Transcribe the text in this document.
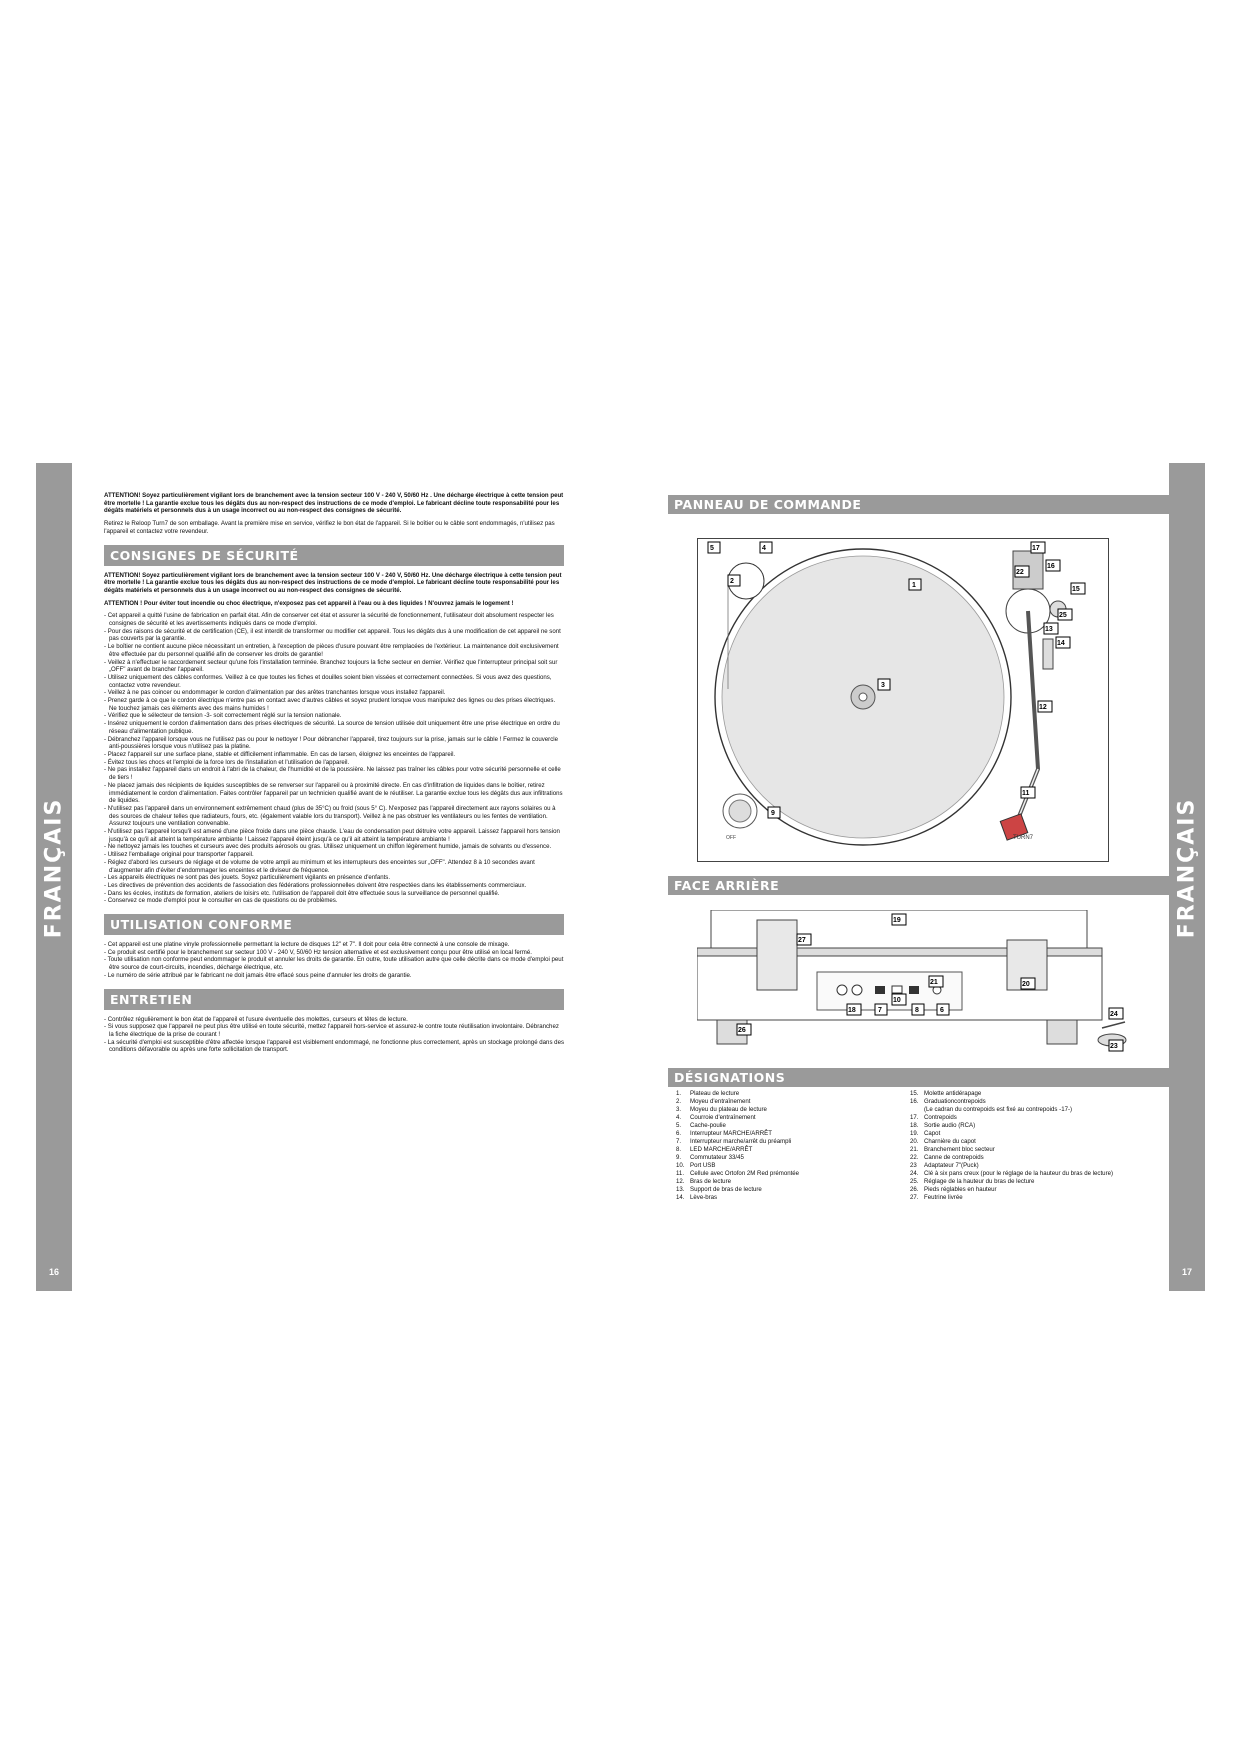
FRANÇAIS
16
FRANÇAIS
17

ATTENTION! Soyez particulièrement vigilant lors de branchement avec la tension secteur 100 V - 240 V, 50/60 Hz . Une décharge électrique à cette tension peut être mortelle ! La garantie exclue tous les dégâts dus au non-respect des instructions de ce mode d'emploi. Le fabricant décline toute responsabilité pour les dégâts matériels et personnels dus à un usage incorrect ou au non-respect des consignes de sécurité.

Retirez le Reloop Turn7 de son emballage. Avant la première mise en service, vérifiez le bon état de l'appareil. Si le boîtier ou le câble sont endommagés, n'utilisez pas l'appareil et contactez votre revendeur.

CONSIGNES DE SÉCURITÉ

ATTENTION! Soyez particulièrement vigilant lors de branchement avec la tension secteur 100 V - 240 V, 50/60 Hz. Une décharge électrique à cette tension peut être mortelle ! La garantie exclue tous les dégâts dus au non-respect des instructions de ce mode d'emploi. Le fabricant décline toute responsabilité pour les dégâts matériels et personnels dus à un usage incorrect ou au non-respect des consignes de sécurité.

ATTENTION ! Pour éviter tout incendie ou choc électrique, n'exposez pas cet appareil à l'eau ou à des liquides ! N'ouvrez jamais le logement !

- Cet appareil a quitté l'usine de fabrication en parfait état. Afin de conserver cet état et assurer la sécurité de fonctionnement, l'utilisateur doit absolument respecter les consignes de sécurité et les avertissements indiqués dans ce mode d'emploi.
- Pour des raisons de sécurité et de certification (CE), il est interdit de transformer ou modifier cet appareil. Tous les dégâts dus à une modification de cet appareil ne sont pas couverts par la garantie.
- Le boîtier ne contient aucune pièce nécessitant un entretien, à l'exception de pièces d'usure pouvant être remplacées de l'extérieur. La maintenance doit exclusivement être effectuée par du personnel qualifié afin de conserver les droits de garantie!
- Veillez à n'effectuer le raccordement secteur qu'une fois l'installation terminée. Branchez toujours la fiche secteur en dernier. Vérifiez que l'interrupteur principal soit sur „OFF" avant de brancher l'appareil.
- Utilisez uniquement des câbles conformes. Veillez à ce que toutes les fiches et douilles soient bien vissées et correctement connectées. Si vous avez des questions, contactez votre revendeur.
- Veillez à ne pas coincer ou endommager le cordon d'alimentation par des arêtes tranchantes lorsque vous installez l'appareil.
- Prenez garde à ce que le cordon électrique n'entre pas en contact avec d'autres câbles et soyez prudent lorsque vous manipulez des lignes ou des prises électriques. Ne touchez jamais ces éléments avec des mains humides !
- Vérifiez que le sélecteur de tension -3- soit correctement réglé sur la tension nationale.
- Insérez uniquement le cordon d'alimentation dans des prises électriques de sécurité. La source de tension utilisée doit uniquement être une prise électrique en ordre du réseau d'alimentation publique.
- Débranchez l'appareil lorsque vous ne l'utilisez pas ou pour le nettoyer ! Pour débrancher l'appareil, tirez toujours sur la prise, jamais sur le câble ! Fermez le couvercle anti-poussières lorsque vous n'utilisez pas la platine.
- Placez l'appareil sur une surface plane, stable et difficilement inflammable. En cas de larsen, éloignez les enceintes de l'appareil.
- Évitez tous les chocs et l'emploi de la force lors de l'installation et l'utilisation de l'appareil.
- Ne pas installez l'appareil dans un endroit à l'abri de la chaleur, de l'humidité et de la poussière. Ne laissez pas traîner les câbles pour votre sécurité personnelle et celle de tiers !
- Ne placez jamais des récipients de liquides susceptibles de se renverser sur l'appareil ou à proximité directe. En cas d'infiltration de liquides dans le boîtier, retirez immédiatement le cordon d'alimentation. Faites contrôler l'appareil par un technicien qualifié avant de le réutiliser. La garantie exclue tous les dégâts dus aux infiltrations de liquides.
- N'utilisez pas l'appareil dans un environnement extrêmement chaud (plus de 35°C) ou froid (sous 5° C). N'exposez pas l'appareil directement aux rayons solaires ou à des sources de chaleur telles que radiateurs, fours, etc. (également valable lors du transport). Veillez à ne pas obstruer les ventilateurs ou les fentes de ventilation. Assurez toujours une ventilation convenable.
- N'utilisez pas l'appareil lorsqu'il est amené d'une pièce froide dans une pièce chaude. L'eau de condensation peut détruire votre appareil. Laissez l'appareil hors tension jusqu'à ce qu'il ait atteint la température ambiante ! Laissez l'appareil éteint jusqu'à ce qu'il ait atteint la température ambiante !
- Ne nettoyez jamais les touches et curseurs avec des produits aérosols ou gras. Utilisez uniquement un chiffon légèrement humide, jamais de solvants ou d'essence.
- Utilisez l'emballage original pour transporter l'appareil.
- Réglez d'abord les curseurs de réglage et de volume de votre ampli au minimum et les interrupteurs des enceintes sur „OFF". Attendez 8 à 10 secondes avant d'augmenter afin d'éviter d'endommager les enceintes et le diviseur de fréquence.
- Les appareils électriques ne sont pas des jouets. Soyez particulièrement vigilants en présence d'enfants.
- Les directives de prévention des accidents de l'association des fédérations professionnelles doivent être respectées dans les établissements commerciaux.
- Dans les écoles, instituts de formation, ateliers de loisirs etc. l'utilisation de l'appareil doit être effectuée sous la surveillance de personnel qualifié.
- Conservez ce mode d'emploi pour le consulter en cas de questions ou de problèmes.
UTILISATION CONFORME
- Cet appareil est une platine vinyle professionnelle permettant la lecture de disques 12" et 7". Il doit pour cela être connecté à une console de mixage.
- Ce produit est certifié pour le branchement sur secteur 100 V - 240 V, 50/60 Hz tension alternative et est exclusivement conçu pour être utilisé en local fermé.
- Toute utilisation non conforme peut endommager le produit et annuler les droits de garantie. En outre, toute utilisation autre que celle décrite dans ce mode d'emploi peut être source de court-circuits, incendies, décharge électrique, etc.
- Le numéro de série attribué par le fabricant ne doit jamais être effacé sous peine d'annuler les droits de garantie.
ENTRETIEN
- Contrôlez régulièrement le bon état de l'appareil et l'usure éventuelle des molettes, curseurs et têtes de lecture.
- Si vous supposez que l'appareil ne peut plus être utilisé en toute sécurité, mettez l'appareil hors-service et assurez-le contre toute réutilisation involontaire. Débranchez la fiche électrique de la prise de courant !
- La sécurité d'emploi est susceptible d'être affectée lorsque l'appareil est visiblement endommagé, ne fonctionne plus correctement, après un stockage prolongé dans des conditions défavorable ou après une forte sollicitation de transport.
PANNEAU DE COMMANDE
OFF	TURN7
5	4
2
17
16
22
15
1
25
13
14
3
12
11
9
FACE ARRIÈRE
19
27
21	20
18	7
10
8	6
26
24
23
DÉSIGNATIONS
1. Plateau de lecture
2. Moyeu d'entraînement
3. Moyeu du plateau de lecture
4. Courroie d'entraînement
5. Cache-poulie
6. Interrupteur MARCHE/ARRÊT
7. Interrupteur marche/arrêt du préampli
8. LED MARCHE/ARRÊT
9. Commutateur 33/45
10. Port USB
11. Cellule avec Ortofon 2M Red prémontée
12. Bras de lecture
13. Support de bras de lecture
14. Lève-bras
15. Molette antidérapage
16. Graduationcontrepoids
(Le cadran du contrepoids est fixé au contrepoids -17-)
17. Contrepoids
18. Sortie audio (RCA)
19. Capot
20. Charnière du capot
21. Branchement bloc secteur
22. Canne de contrepoids
23 Adaptateur 7"(Puck)
24. Clé à six pans creux (pour le réglage de la hauteur du bras de lecture)
25. Réglage de la hauteur du bras de lecture
26. Pieds réglables en hauteur
27. Feutrine livrée
